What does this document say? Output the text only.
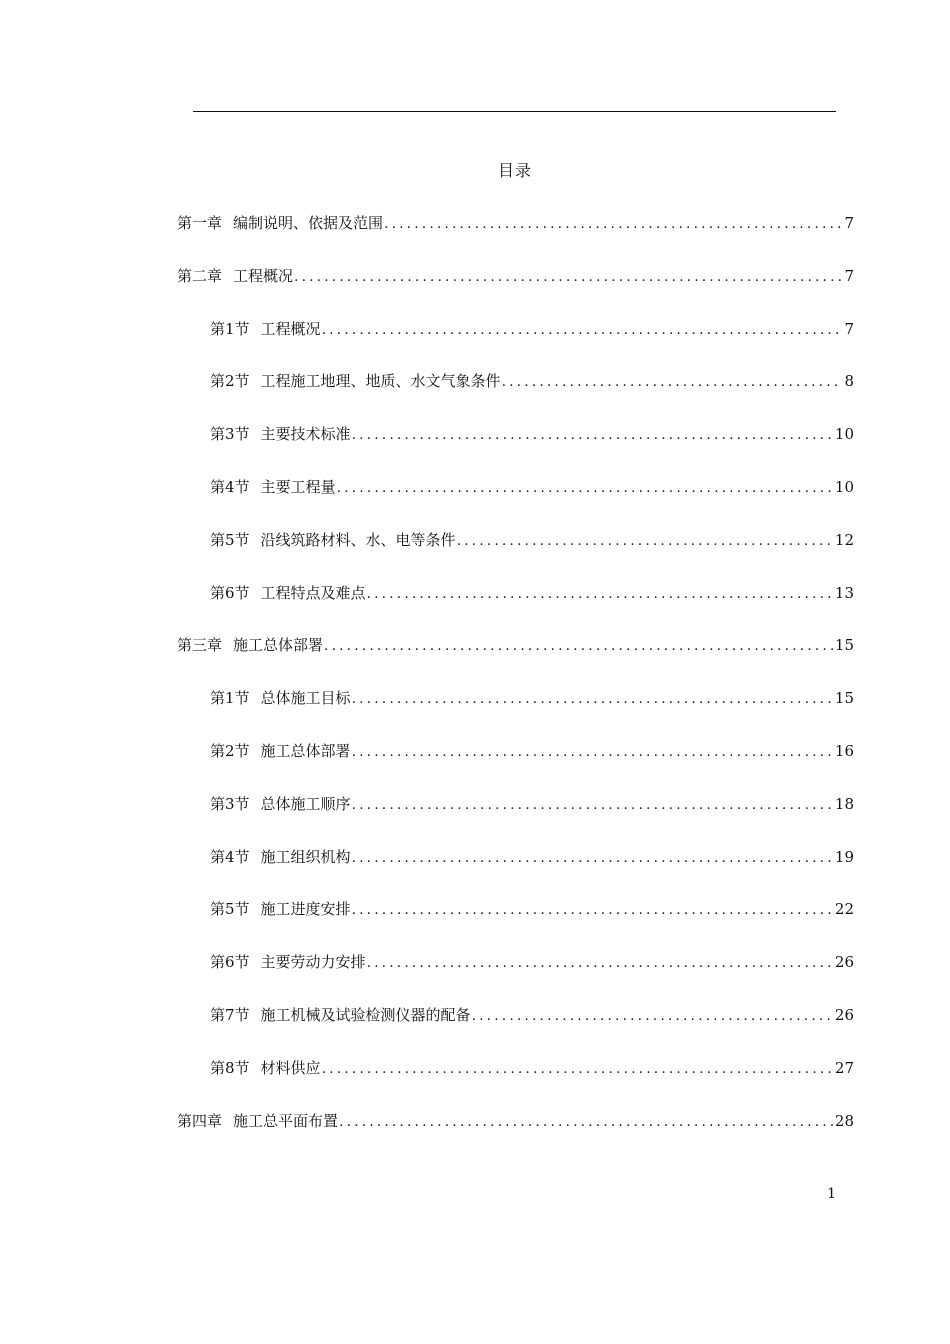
目录
第一章 编制说明、依据及范围 .....	7
第二章 工程概况 .....	7
第1节 工程概况 .....	7
第2节 工程施工地理、地质、水文气象条件 .....	8
第3节 主要技术标准 .....	10
第4节 主要工程量 .....	10
第5节 沿线筑路材料、水、电等条件 .....	12
第6节 工程特点及难点 .....	13
第三章 施工总体部署 .....	15
第1节 总体施工目标 .....	15
第2节 施工总体部署 .....	16
第3节 总体施工顺序 .....	18
第4节 施工组织机构 .....	19
第5节 施工进度安排 .....	22
第6节 主要劳动力安排 .....	26
第7节 施工机械及试验检测仪器的配备 .....	26
第8节 材料供应 .....	27
第四章 施工总平面布置 .....	28
1
